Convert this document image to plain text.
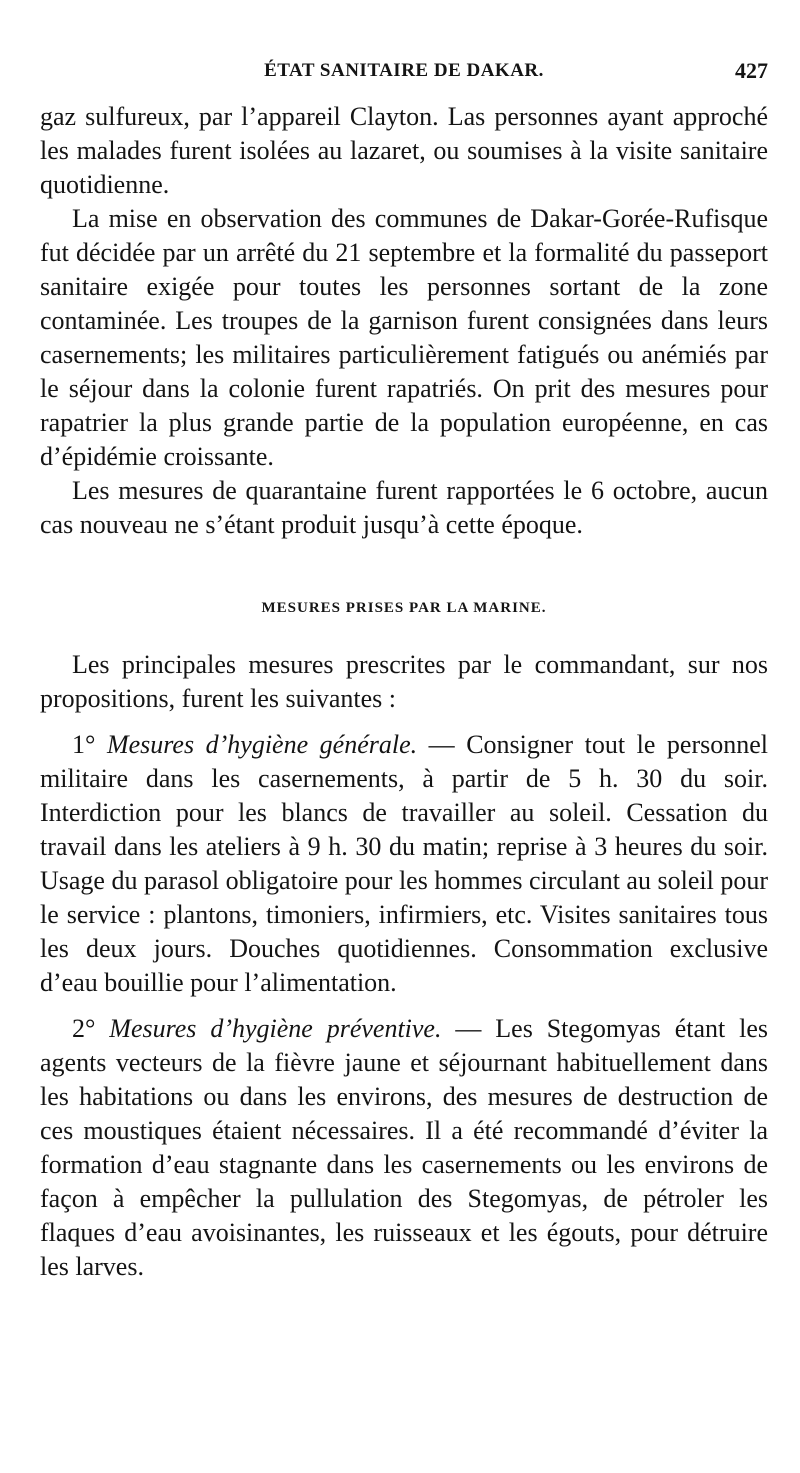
ÉTAT SANITAIRE DE DAKAR.	427

gaz sulfureux, par l’appareil Clayton. Las personnes ayant approché les malades furent isolées au lazaret, ou soumises à la visite sanitaire quotidienne.

La mise en observation des communes de Dakar-Gorée-Rufisque fut décidée par un arrêté du 21 septembre et la formalité du passeport sanitaire exigée pour toutes les personnes sortant de la zone contaminée. Les troupes de la garnison furent consignées dans leurs casernements; les militaires particulièrement fatigués ou anémiés par le séjour dans la colonie furent rapatriés. On prit des mesures pour rapatrier la plus grande partie de la population européenne, en cas d’épidémie croissante.

Les mesures de quarantaine furent rapportées le 6 octobre, aucun cas nouveau ne s’étant produit jusqu’à cette époque.

MESURES PRISES PAR LA MARINE.

Les principales mesures prescrites par le commandant, sur nos propositions, furent les suivantes :

1° Mesures d’hygiène générale. — Consigner tout le personnel militaire dans les casernements, à partir de 5 h. 30 du soir. Interdiction pour les blancs de travailler au soleil. Cessation du travail dans les ateliers à 9 h. 30 du matin; reprise à 3 heures du soir. Usage du parasol obligatoire pour les hommes circulant au soleil pour le service : plantons, timoniers, infirmiers, etc. Visites sanitaires tous les deux jours. Douches quotidiennes. Consommation exclusive d’eau bouillie pour l’alimentation.

2° Mesures d’hygiène préventive. — Les Stegomyas étant les agents vecteurs de la fièvre jaune et séjournant habituellement dans les habitations ou dans les environs, des mesures de destruction de ces moustiques étaient nécessaires. Il a été recommandé d’éviter la formation d’eau stagnante dans les casernements ou les environs de façon à empêcher la pullulation des Stegomyas, de pétroler les flaques d’eau avoisinantes, les ruisseaux et les égouts, pour détruire les larves.
